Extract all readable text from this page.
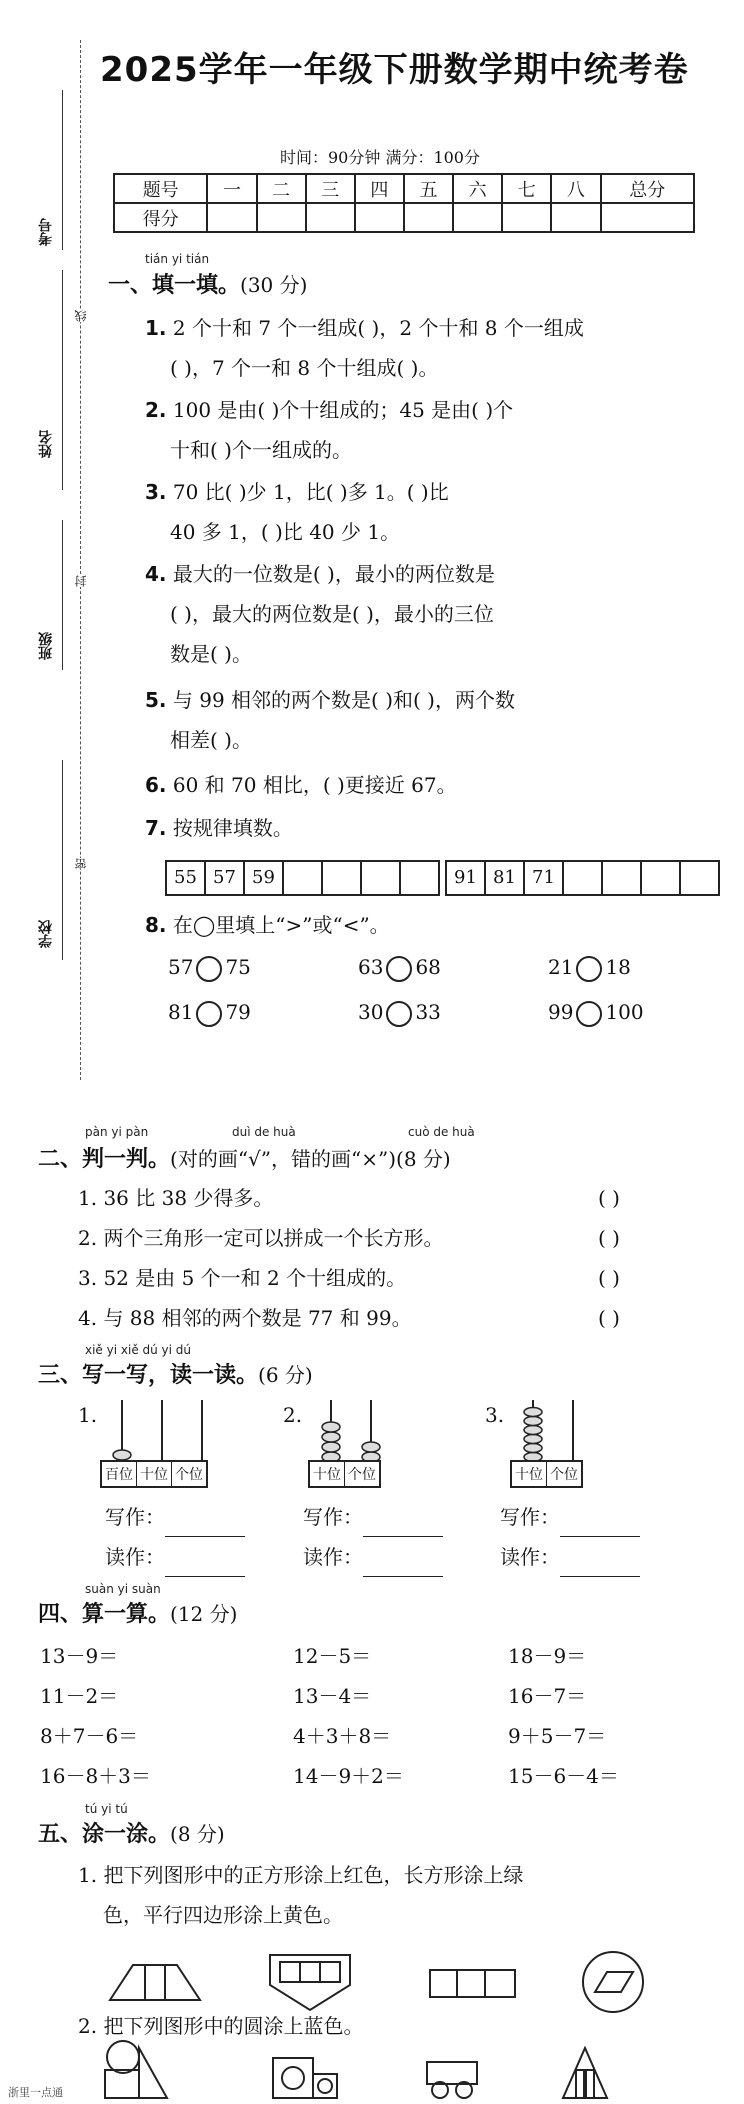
2025学年一年级下册数学期中统考卷
时间：90分钟 满分：100分
题号	一	二	三	四	五	六	七	八	总分
得分									
考号
姓名
班级
学校
线
封
密
tián yi tián
一、填一填。(30 分)
1. 2 个十和 7 个一组成( )，2 个十和 8 个一组成
( )，7 个一和 8 个十组成( )。
2. 100 是由( )个十组成的；45 是由( )个
十和( )个一组成的。
3. 70 比( )少 1，比( )多 1。( )比
40 多 1，( )比 40 少 1。
4. 最大的一位数是( )，最小的两位数是
( )，最大的两位数是( )，最小的三位
数是( )。
5. 与 99 相邻的两个数是( )和( )，两个数
相差( )。
6. 60 和 70 相比，( )更接近 67。
7. 按规律填数。
55 57 59	91 81 71
8. 在◯里填上“>”或“<”。
57 75	63 68	21 18
81 79	30 33	99 100
pàn yi pàn	duì de huà	cuò de huà
二、判一判。(对的画“√”，错的画“×”)(8 分)
1. 36 比 38 少得多。	( )
2. 两个三角形一定可以拼成一个长方形。	( )
3. 52 是由 5 个一和 2 个十组成的。	( )
4. 与 88 相邻的两个数是 77 和 99。	( )
xiě yi xiě dú yi dú
三、写一写，读一读。(6 分)
1.
百位 十位 个位
2.
十位 个位
3.
十位 个位
写作：
读作：
写作：
读作：
写作：
读作：
suàn yi suàn
四、算一算。(12 分)
13－9＝	12－5＝	18－9＝
11－2＝	13－4＝	16－7＝
8＋7－6＝	4＋3＋8＝	9＋5－7＝
16－8＋3＝	14－9＋2＝	15－6－4＝
tú yi tú
五、涂一涂。(8 分)
1. 把下列图形中的正方形涂上红色，长方形涂上绿
色，平行四边形涂上黄色。
2. 把下列图形中的圆涂上蓝色。
浙里一点通
